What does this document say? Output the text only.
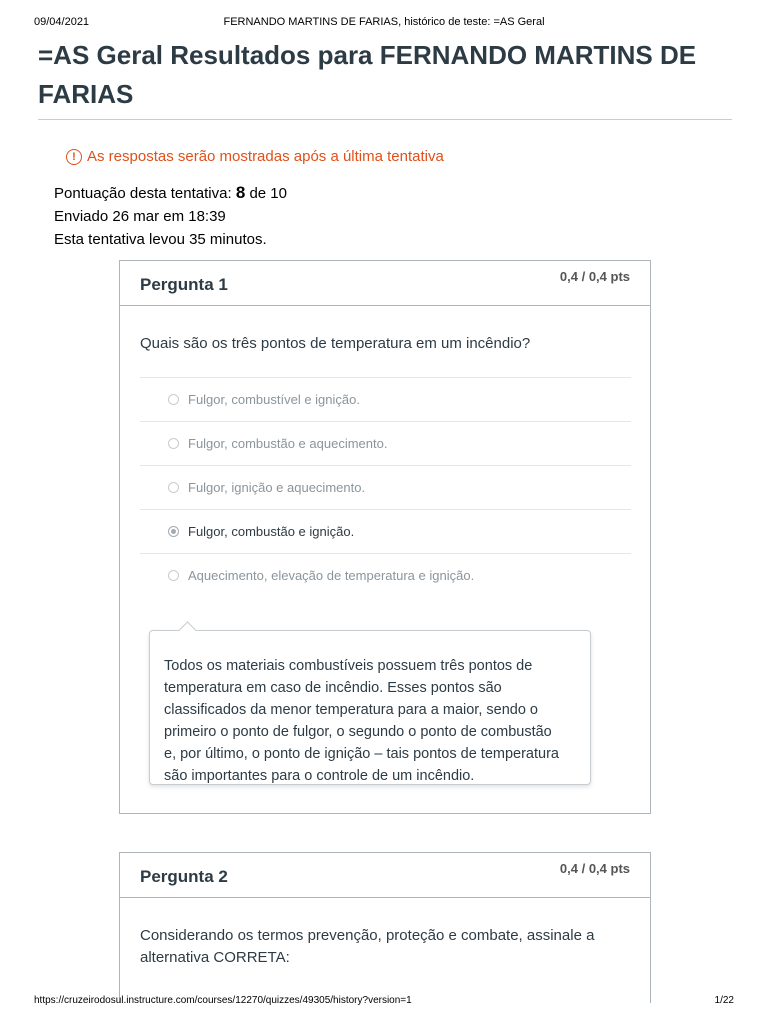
09/04/2021	FERNANDO MARTINS DE FARIAS, histórico de teste: =AS Geral
=AS Geral Resultados para FERNANDO MARTINS DE FARIAS
! As respostas serão mostradas após a última tentativa
Pontuação desta tentativa: 8 de 10
Enviado 26 mar em 18:39
Esta tentativa levou 35 minutos.
Pergunta 1	0,4 / 0,4 pts
Quais são os três pontos de temperatura em um incêndio?
Fulgor, combustível e ignição.
Fulgor, combustão e aquecimento.
Fulgor, ignição e aquecimento.
Fulgor, combustão e ignição.
Aquecimento, elevação de temperatura e ignição.
Todos os materiais combustíveis possuem três pontos de temperatura em caso de incêndio. Esses pontos são classificados da menor temperatura para a maior, sendo o primeiro o ponto de fulgor, o segundo o ponto de combustão e, por último, o ponto de ignição – tais pontos de temperatura são importantes para o controle de um incêndio.
Pergunta 2	0,4 / 0,4 pts
Considerando os termos prevenção, proteção e combate, assinale a alternativa CORRETA:
https://cruzeirodosul.instructure.com/courses/12270/quizzes/49305/history?version=1	1/22
